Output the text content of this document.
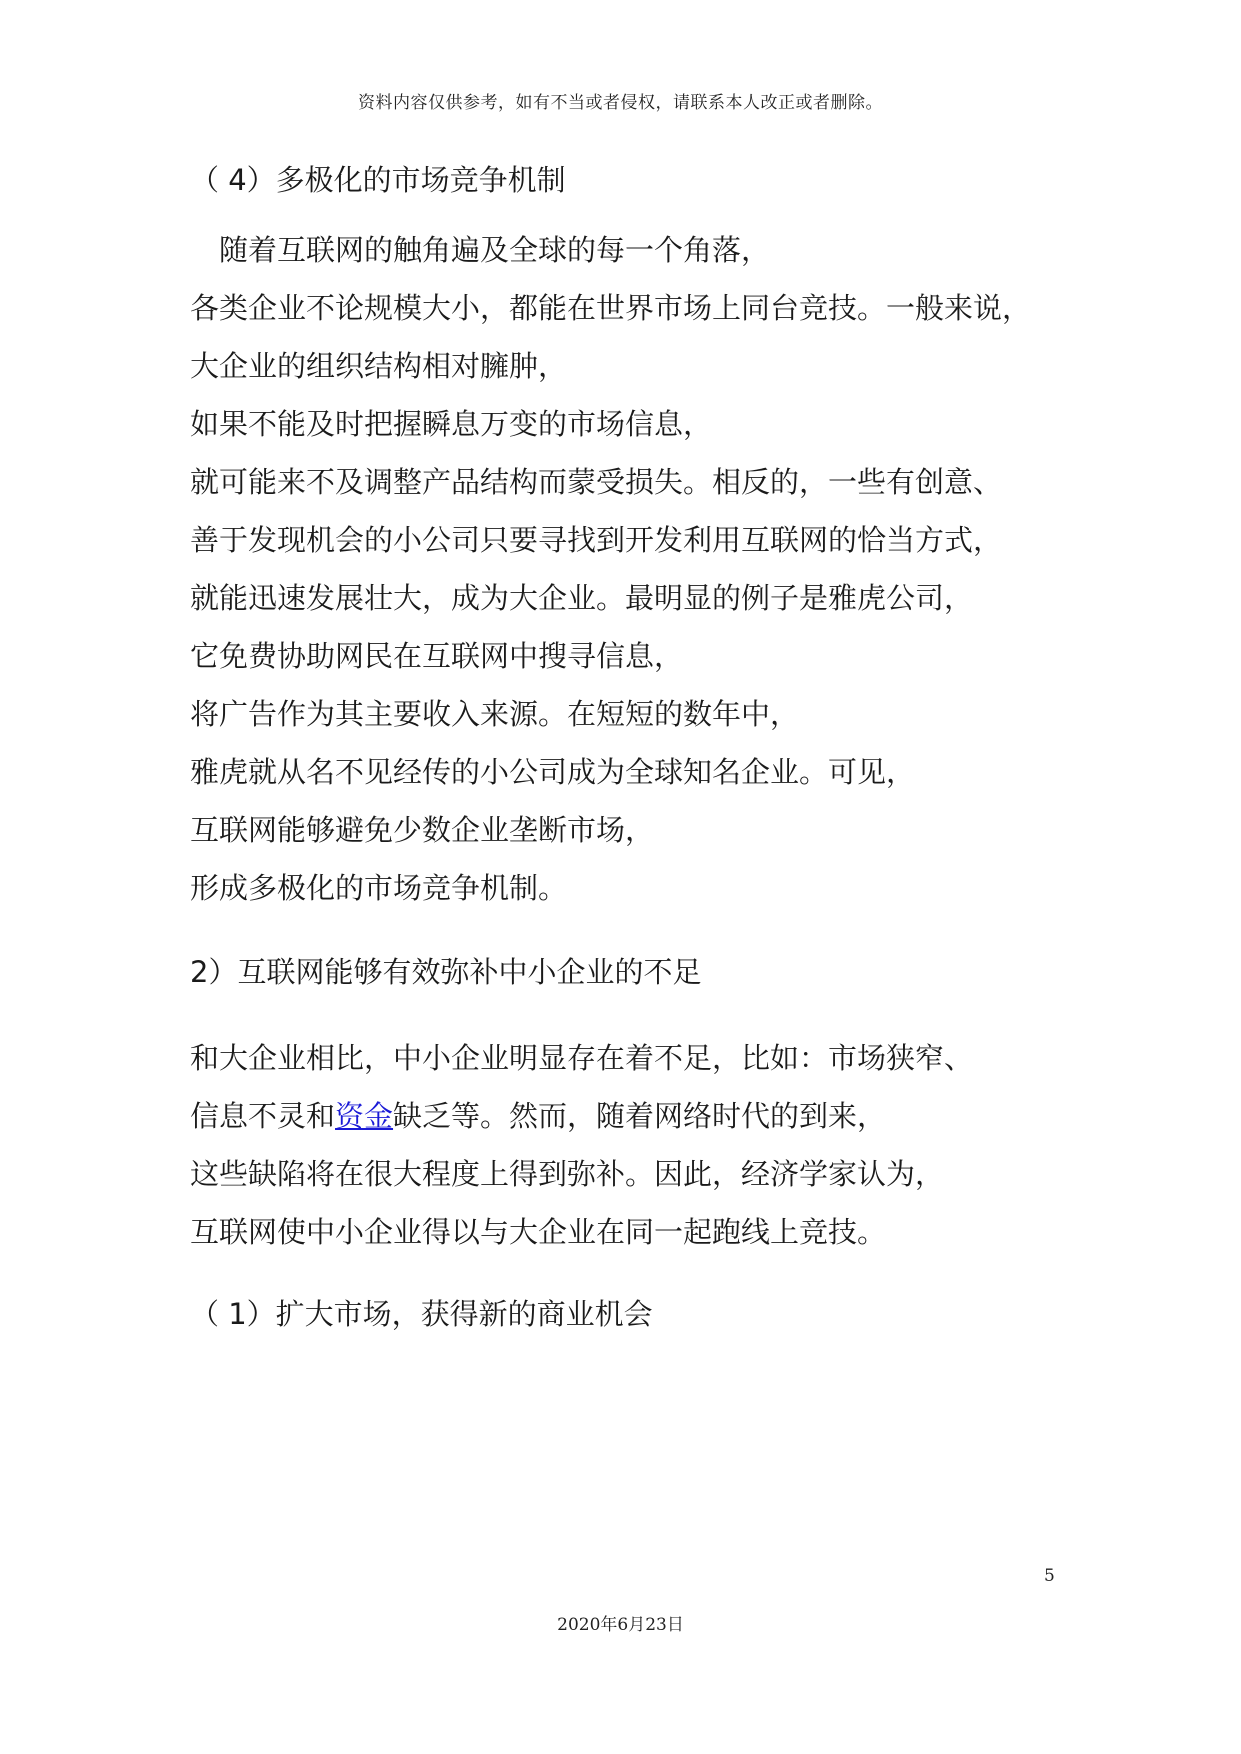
资料内容仅供参考，如有不当或者侵权，请联系本人改正或者删除。
（ 4）多极化的市场竞争机制
　随着互联网的触角遍及全球的每一个角落，
各类企业不论规模大小，都能在世界市场上同台竞技。一般来说，
大企业的组织结构相对臃肿，
如果不能及时把握瞬息万变的市场信息，
就可能来不及调整产品结构而蒙受损失。相反的，一些有创意、
善于发现机会的小公司只要寻找到开发利用互联网的恰当方式，
就能迅速发展壮大，成为大企业。最明显的例子是雅虎公司，
它免费协助网民在互联网中搜寻信息，
将广告作为其主要收入来源。在短短的数年中，
雅虎就从名不见经传的小公司成为全球知名企业。可见，
互联网能够避免少数企业垄断市场，
形成多极化的市场竞争机制。
2）互联网能够有效弥补中小企业的不足
和大企业相比，中小企业明显存在着不足，比如：市场狭窄、
信息不灵和资金缺乏等。然而，随着网络时代的到来，
这些缺陷将在很大程度上得到弥补。因此，经济学家认为，
互联网使中小企业得以与大企业在同一起跑线上竞技。
（ 1）扩大市场，获得新的商业机会
5
2020年6月23日
